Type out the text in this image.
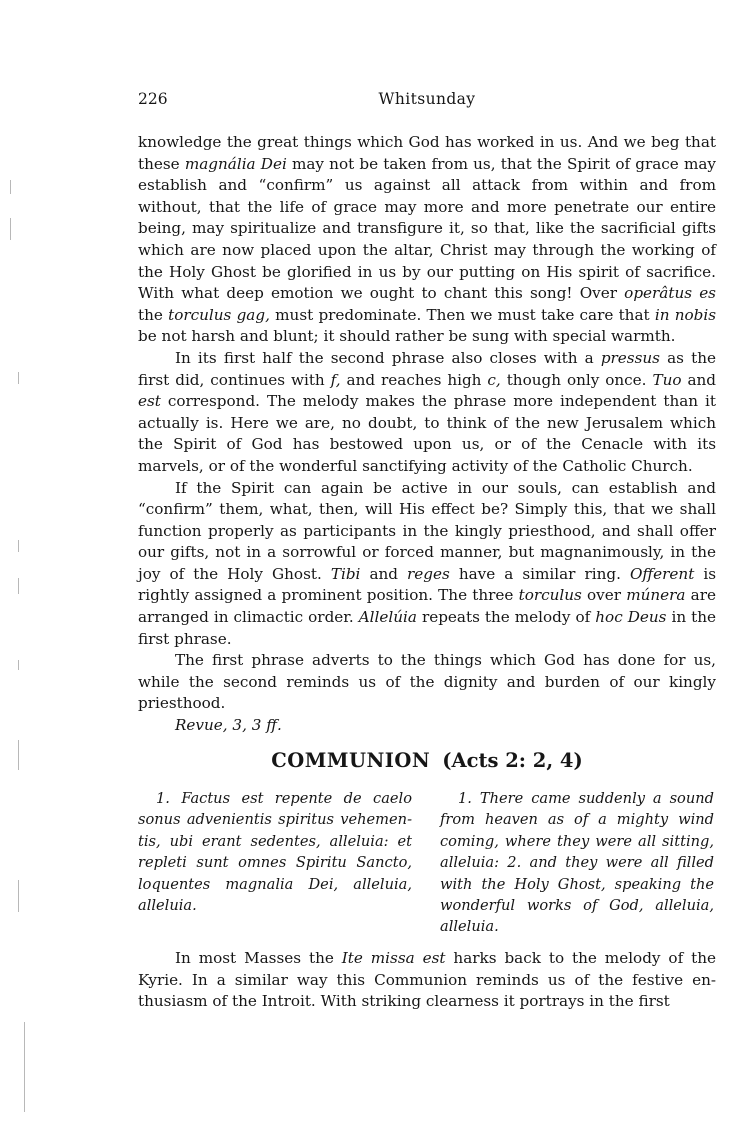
226	Whitsunday

knowledge the great things which God has worked in us. And we beg that these magnália Dei may not be taken from us, that the Spirit of grace may establish and “confirm” us against all attack from within and from without, that the life of grace may more and more penetrate our entire being, may spiritualize and transfigure it, so that, like the sacrificial gifts which are now placed upon the altar, Christ may through the working of the Holy Ghost be glorified in us by our putting on His spirit of sacrifice. With what deep emotion we ought to chant this song! Over operâtus es the torculus gag, must predominate. Then we must take care that in nobis be not harsh and blunt; it should rather be sung with special warmth.

In its first half the second phrase also closes with a pressus as the first did, continues with f, and reaches high c, though only once. Tuo and est correspond. The melody makes the phrase more independent than it actually is. Here we are, no doubt, to think of the new Jerusalem which the Spirit of God has bestowed upon us, or of the Cenacle with its marvels, or of the wonderful sanctifying activity of the Catholic Church.

If the Spirit can again be active in our souls, can establish and “confirm” them, what, then, will His effect be? Simply this, that we shall function properly as participants in the kingly priesthood, and shall offer our gifts, not in a sorrowful or forced manner, but magnanimously, in the joy of the Holy Ghost. Tibi and reges have a similar ring. Offerent is rightly assigned a prominent position. The three torculus over múnera are arranged in climactic order. Allelúia repeats the melody of hoc Deus in the first phrase.

The first phrase adverts to the things which God has done for us, while the second reminds us of the dignity and burden of our kingly priesthood.

Revue, 3, 3 ff.

COMMUNION (Acts 2: 2, 4)

1. Factus est repente de caelo sonus advenientis spiritus vehementis, ubi erant sedentes, alleluia: et repleti sunt omnes Spiritu Sancto, loquentes magnalia Dei, alleluia, alleluia.

1. There came suddenly a sound from heaven as of a mighty wind coming, where they were all sitting, alleluia: 2. and they were all filled with the Holy Ghost, speaking the wonderful works of God, alleluia, alleluia.

In most Masses the Ite missa est harks back to the melody of the Kyrie. In a similar way this Communion reminds us of the festive enthusiasm of the Introit. With striking clearness it portrays in the first
